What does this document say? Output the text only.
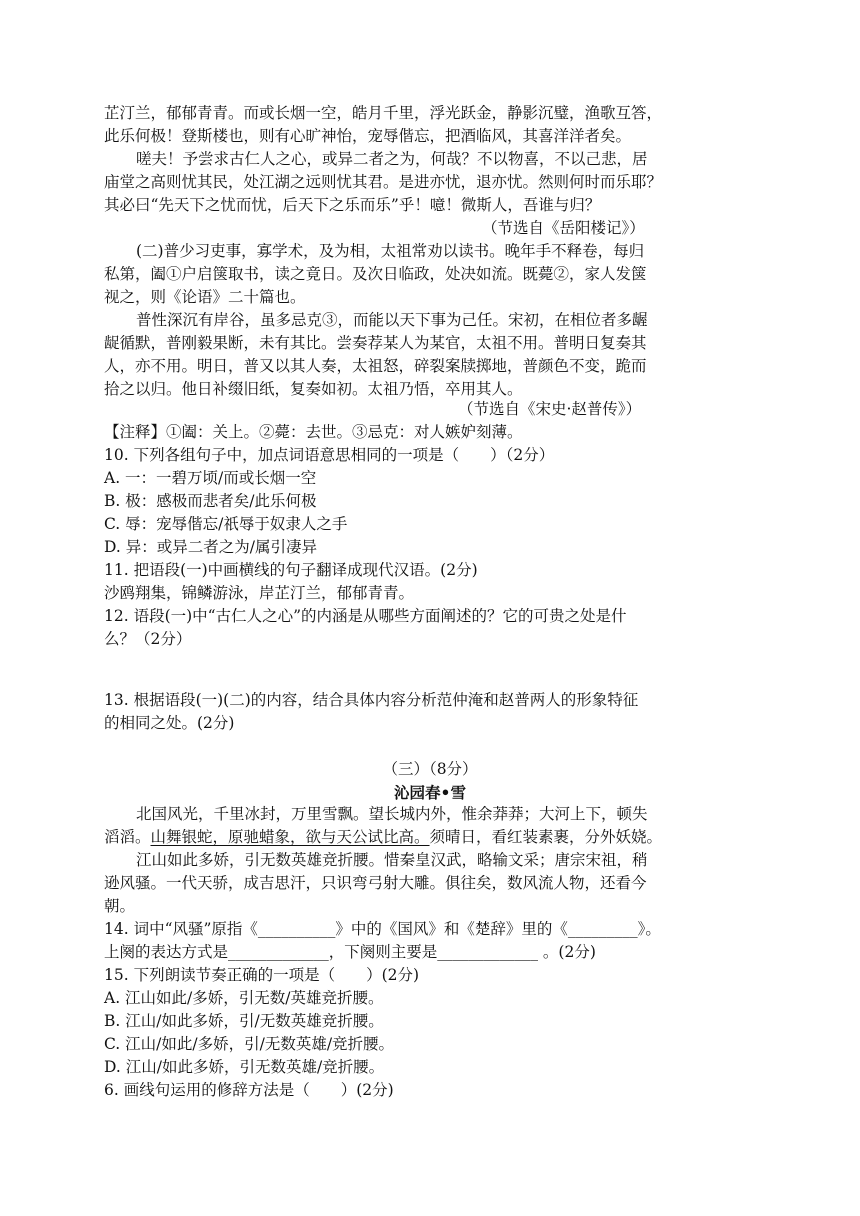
芷汀兰，郁郁青青。而或长烟一空，皓月千里，浮光跃金，静影沉璧，渔歌互答，
此乐何极！登斯楼也，则有心旷神怡，宠辱偕忘，把酒临风，其喜洋洋者矣。
嗟夫！予尝求古仁人之心，或异二者之为，何哉？不以物喜，不以己悲，居
庙堂之高则忧其民，处江湖之远则忧其君。是进亦忧，退亦忧。然则何时而乐耶？
其必曰“先天下之忧而忧，后天下之乐而乐”乎！噫！微斯人，吾谁与归？
（节选自《岳阳楼记》）
(二)普少习吏事，寡学术，及为相，太祖常劝以读书。晚年手不释卷，每归
私第，阖①户启箧取书，读之竟日。及次日临政，处决如流。既薨②，家人发箧
视之，则《论语》二十篇也。
普性深沉有岸谷，虽多忌克③，而能以天下事为己任。宋初，在相位者多龌
龊循默，普刚毅果断，未有其比。尝奏荐某人为某官，太祖不用。普明日复奏其
人，亦不用。明日，普又以其人奏，太祖怒，碎裂案牍掷地，普颜色不变，跪而
拾之以归。他日补缀旧纸，复奏如初。太祖乃悟，卒用其人。
（节选自《宋史·赵普传》）
【注释】①阖：关上。②薨：去世。③忌克：对人嫉妒刻薄。
10. 下列各组句子中，加点词语意思相同的一项是（　　）（2分）
A. 一：一碧万顷/而或长烟一空
B. 极：感极而悲者矣/此乐何极
C. 辱：宠辱偕忘/祇辱于奴隶人之手
D. 异：或异二者之为/属引凄异
11. 把语段(一)中画横线的句子翻译成现代汉语。(2分)
沙鸥翔集，锦鳞游泳，岸芷汀兰，郁郁青青。
12. 语段(一)中“古仁人之心”的内涵是从哪些方面阐述的？它的可贵之处是什
么？（2分）
13. 根据语段(一)(二)的内容，结合具体内容分析范仲淹和赵普两人的形象特征
的相同之处。(2分)
（三）（8分）
沁园春•雪
北国风光，千里冰封，万里雪飘。望长城内外，惟余莽莽；大河上下，顿失
滔滔。山舞银蛇，原驰蜡象，欲与天公试比高。须晴日，看红装素裹，分外妖娆。
江山如此多娇，引无数英雄竞折腰。惜秦皇汉武，略输文采；唐宗宋祖，稍
逊风骚。一代天骄，成吉思汗，只识弯弓射大雕。俱往矣，数风流人物，还看今
朝。
14. 词中“风骚”原指《__________》中的《国风》和《楚辞》里的《_________》。
上阕的表达方式是_____________，下阕则主要是_____________ 。(2分)
15. 下列朗读节奏正确的一项是（　　）(2分)
A. 江山如此/多娇，引无数/英雄竞折腰。
B. 江山/如此多娇，引/无数英雄竞折腰。
C. 江山/如此/多娇，引/无数英雄/竞折腰。
D. 江山/如此多娇，引无数英雄/竞折腰。
6. 画线句运用的修辞方法是（　　）(2分)
